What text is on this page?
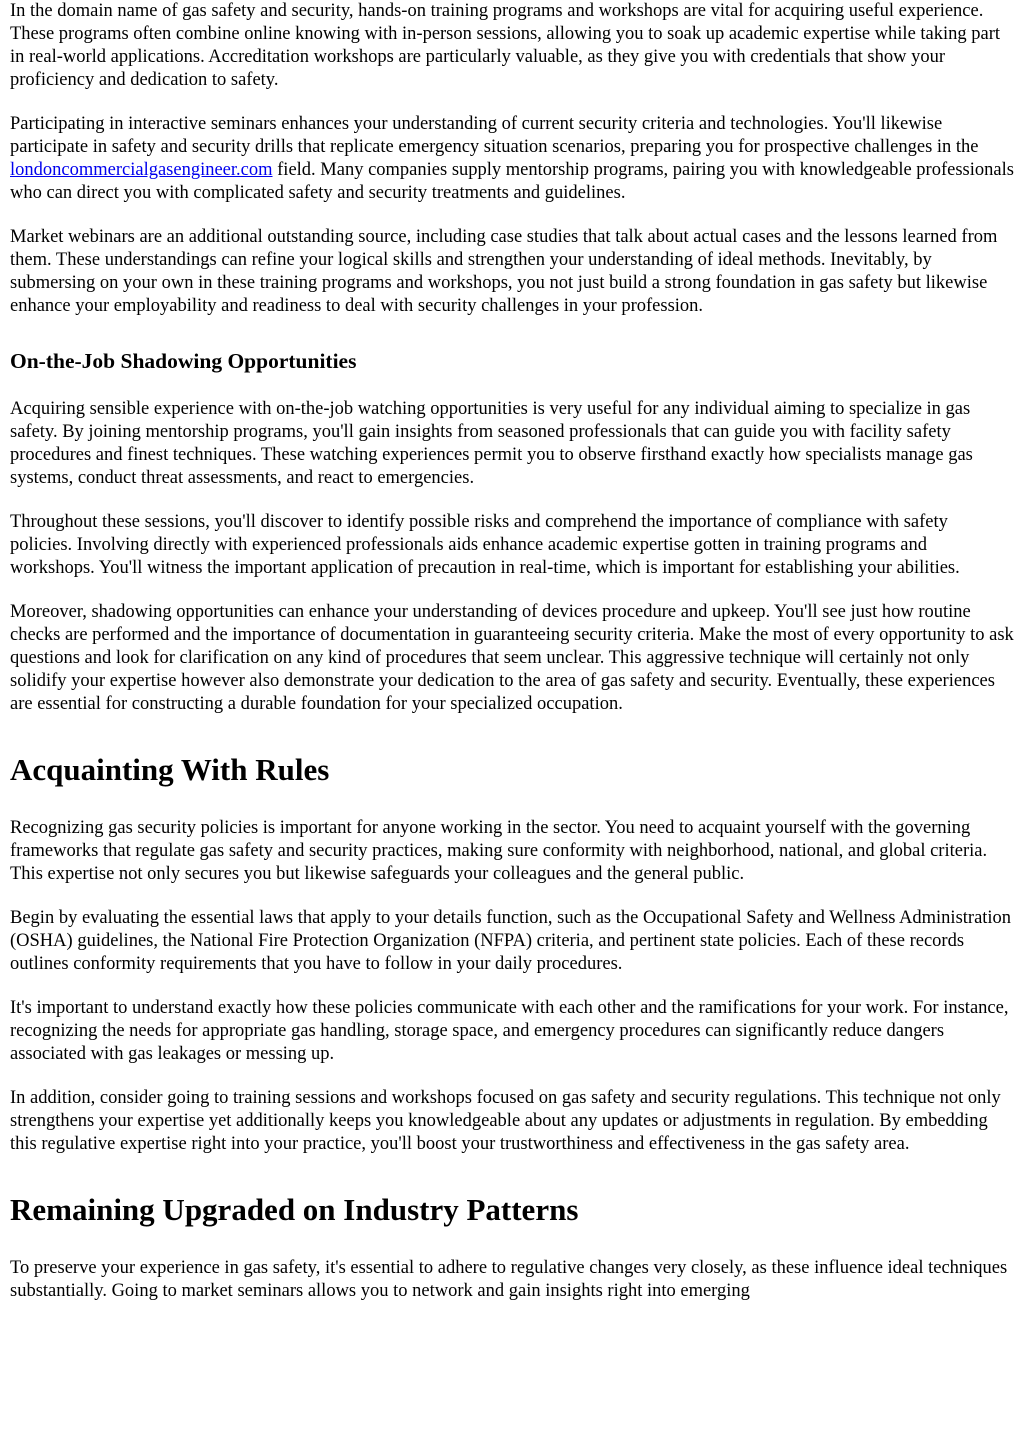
In the domain name of gas safety and security, hands-on training programs and workshops are vital for acquiring useful experience. These programs often combine online knowing with in-person sessions, allowing you to soak up academic expertise while taking part in real-world applications. Accreditation workshops are particularly valuable, as they give you with credentials that show your proficiency and dedication to safety.

Participating in interactive seminars enhances your understanding of current security criteria and technologies. You'll likewise participate in safety and security drills that replicate emergency situation scenarios, preparing you for prospective challenges in the londoncommercialgasengineer.com field. Many companies supply mentorship programs, pairing you with knowledgeable professionals who can direct you with complicated safety and security treatments and guidelines.

Market webinars are an additional outstanding source, including case studies that talk about actual cases and the lessons learned from them. These understandings can refine your logical skills and strengthen your understanding of ideal methods. Inevitably, by submersing on your own in these training programs and workshops, you not just build a strong foundation in gas safety but likewise enhance your employability and readiness to deal with security challenges in your profession.

On-the-Job Shadowing Opportunities

Acquiring sensible experience with on-the-job watching opportunities is very useful for any individual aiming to specialize in gas safety. By joining mentorship programs, you'll gain insights from seasoned professionals that can guide you with facility safety procedures and finest techniques. These watching experiences permit you to observe firsthand exactly how specialists manage gas systems, conduct threat assessments, and react to emergencies.

Throughout these sessions, you'll discover to identify possible risks and comprehend the importance of compliance with safety policies. Involving directly with experienced professionals aids enhance academic expertise gotten in training programs and workshops. You'll witness the important application of precaution in real-time, which is important for establishing your abilities.

Moreover, shadowing opportunities can enhance your understanding of devices procedure and upkeep. You'll see just how routine checks are performed and the importance of documentation in guaranteeing security criteria. Make the most of every opportunity to ask questions and look for clarification on any kind of procedures that seem unclear. This aggressive technique will certainly not only solidify your expertise however also demonstrate your dedication to the area of gas safety and security. Eventually, these experiences are essential for constructing a durable foundation for your specialized occupation.

Acquainting With Rules

Recognizing gas security policies is important for anyone working in the sector. You need to acquaint yourself with the governing frameworks that regulate gas safety and security practices, making sure conformity with neighborhood, national, and global criteria. This expertise not only secures you but likewise safeguards your colleagues and the general public.

Begin by evaluating the essential laws that apply to your details function, such as the Occupational Safety and Wellness Administration (OSHA) guidelines, the National Fire Protection Organization (NFPA) criteria, and pertinent state policies. Each of these records outlines conformity requirements that you have to follow in your daily procedures.

It's important to understand exactly how these policies communicate with each other and the ramifications for your work. For instance, recognizing the needs for appropriate gas handling, storage space, and emergency procedures can significantly reduce dangers associated with gas leakages or messing up.

In addition, consider going to training sessions and workshops focused on gas safety and security regulations. This technique not only strengthens your expertise yet additionally keeps you knowledgeable about any updates or adjustments in regulation. By embedding this regulative expertise right into your practice, you'll boost your trustworthiness and effectiveness in the gas safety area.

Remaining Upgraded on Industry Patterns

To preserve your experience in gas safety, it's essential to adhere to regulative changes very closely, as these influence ideal techniques substantially. Going to market seminars allows you to network and gain insights right into emerging
